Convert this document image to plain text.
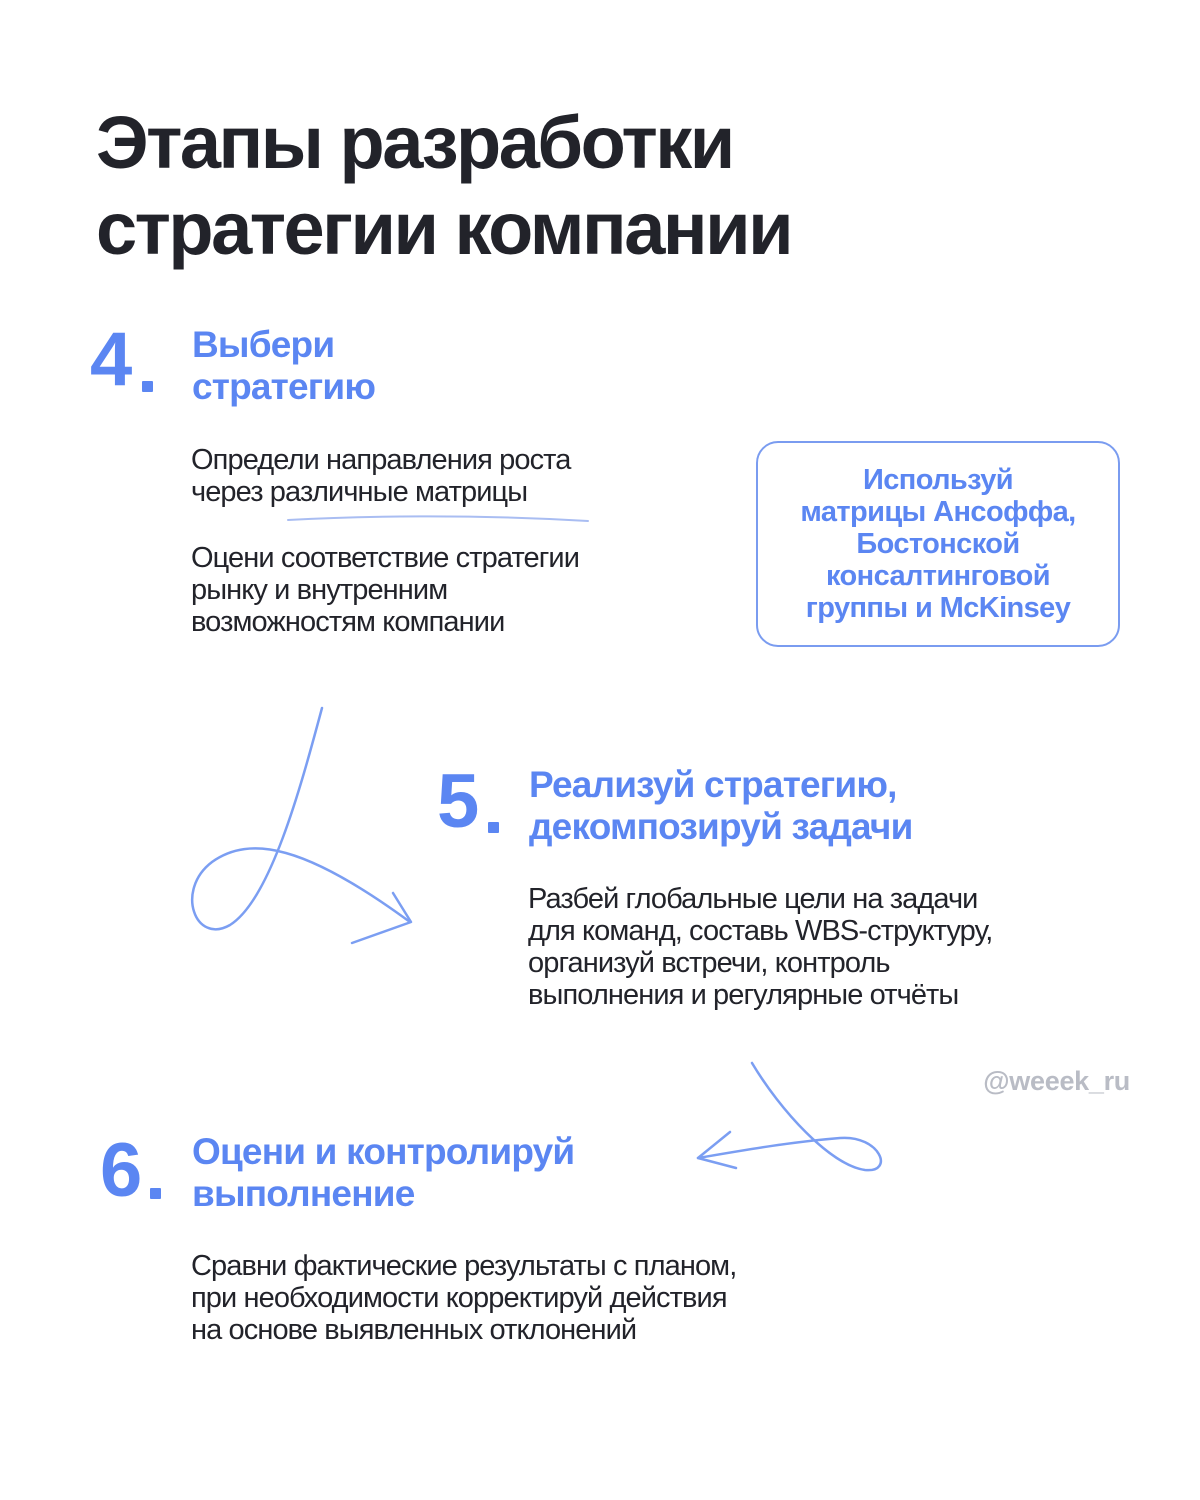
Этапы разработки
стратегии компании
4 Выбери
стратегию

Определи направления роста
через различные матрицы

Оцени соответствие стратегии
рынку и внутренним
возможностям компании

Используй
матрицы Ансоффа,
Бостонской
консалтинговой
группы и McKinsey
5 Реализуй стратегию,
декомпозируй задачи

Разбей глобальные цели на задачи
для команд, составь WBS-структуру,
организуй встречи, контроль
выполнения и регулярные отчёты

6 Оцени и контролируй
выполнение

Сравни фактические результаты с планом,
при необходимости корректируй действия
на основе выявленных отклонений

@weeek_ru
